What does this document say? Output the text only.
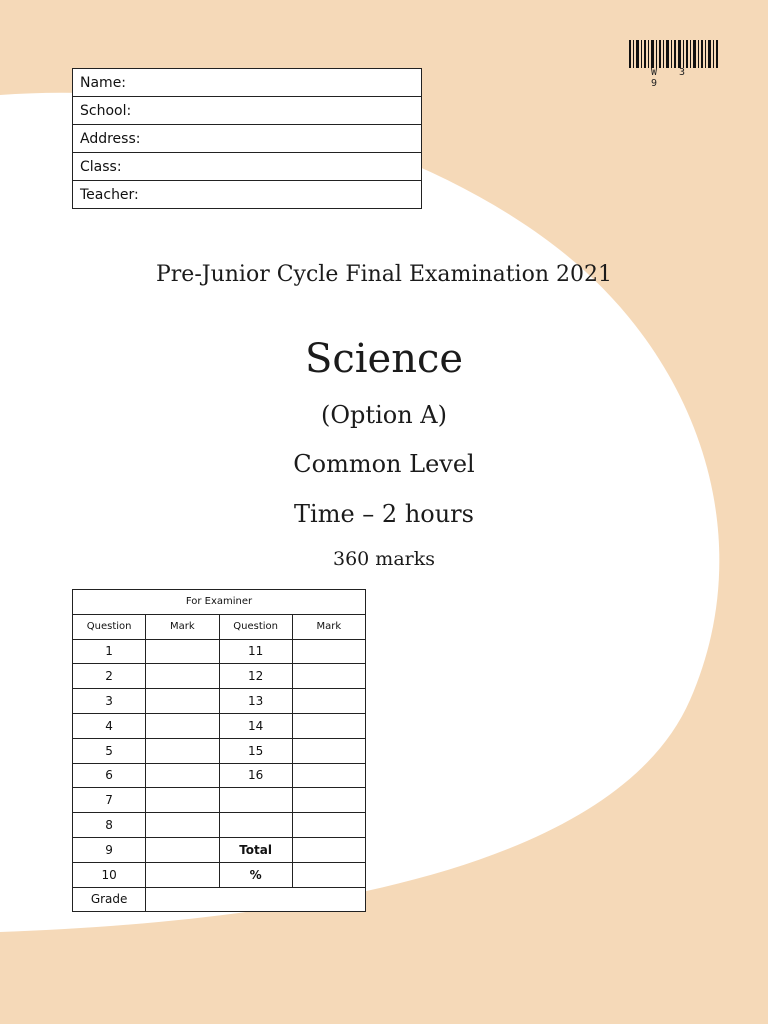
W 3 9
Name:
School:
Address:
Class:
Teacher:
Pre-Junior Cycle Final Examination 2021
Science
(Option A)
Common Level
Time – 2 hours
360 marks
For Examiner			
Question	Mark	Question	Mark
1		11	
2		12	
3		13	
4		14	
5		15	
6		16	
7			
8			
9		Total	
10		%	
Grade			
